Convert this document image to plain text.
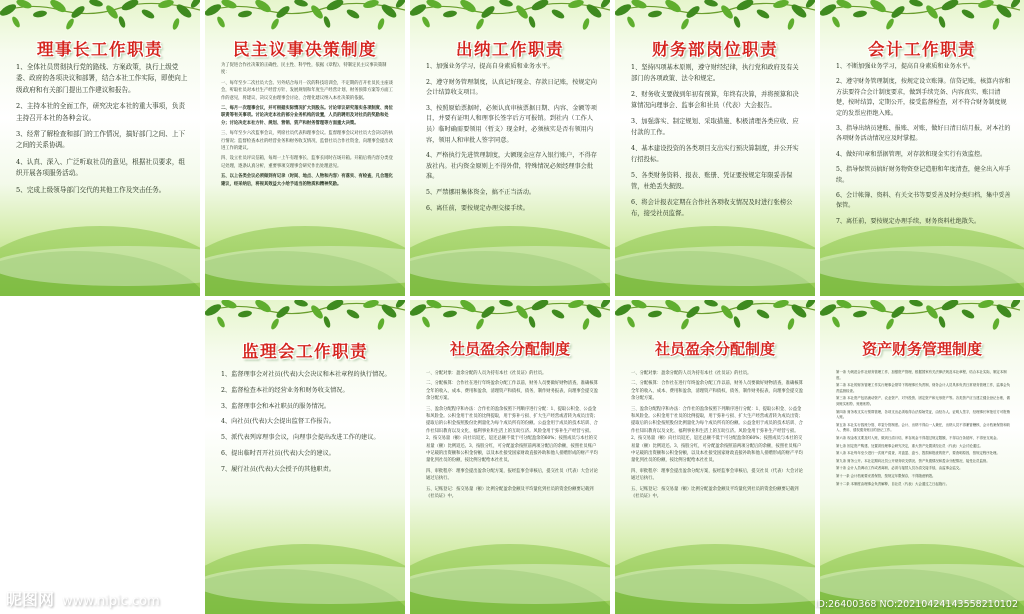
理事长工作职责

1、全体社员贯彻执行党的路线、方案政策，执行上级党委、政府的各项决议和部署，结合本社工作实际，即使向上级政府和有关部门提出工作建议和报告。

2、主持本社的全面工作，研究决定本社的重大事项，负责主持召开本社的各种会议。

3、经常了解检查和部门的工作情况，搞好部门之间、上下之间的关系协调。

4、认真、深入、广泛听取社员的意见，根据社员要求，组织开展各项服务活动。

5、完成上级领导部门交代的其他工作及突击任务。

民主议事决策制度

为了促进合作社决策的正确性、民主性、科学性，依据《章程》，特制定民主议事决策制度：

一、每年至少二次社员大会。另外结合每月一次的科技培训会，不定期的召开社员民主座谈会，听取社员对本社生产经营方针、发展规划和年度生产经营计划、财务预算方案等方面工作的意见，将建议、决议交由理事会讨论，合理化建议纳入本社决策的依据。

二、每月一次理事会议，并可根据实际情况扩大到股东。讨论审议研究落实各项制度、岗位职责等有关事项。讨论决定本社的部分业务机构的设置，人员的聘用及对社员的奖励和处分；讨论决定本社方针、规划、营销、资产和财务管理等方面重大决策。

三、每年至少六次监事会议，列席社员代表和理事会议。监督理事会议对社员大会决议的执行情况；监督检查本社的经营业务和财务收支情况，监督社员合作社资金，向理事会提出改进工作的建议。

四、设立社员评议信箱，每周一上午有理事长、监事长同时在场开箱。开箱后将内容分类登记处理，逐条认真分析，重要事项交理事会研究作出处理意见。

五、以上各类会议必须做到有记录（时间、地点、人物和内容）有落实、有检查，凡合理化建议，经采纳后，将视其效益大小给予适当的物质和精神奖励。

出纳工作职责

1、加强业务学习，提高自身素质和业务水平。

2、遵守财务管理制度，认真记好现金、存款日记账，按规定向会计结算收支项目。

3、按照原始票据时，必须认真审核票据日期、内容、金额等项目，并要有证明人和理事长签字后方可报销。到社内（工作人员）临时确需要领用（暂支）现金时，必须核实是否有领用内容，领用人和审批人签字同意。

4、严格执行先进管理制度，大额现金应存入银行账户，不得存放社内。社内资金原则上不得外借，特殊情况必须经理事会批准。

5、严禁挪用集体资金，搞不正当活动。

6、离任前，要按规定办理交接手续。

财务部岗位职责

1、坚持四项基本原则，遵守财经纪律，执行党和政府及有关部门的各项政策、法令和规定。

2、财务收支要做到年初有预算，年终有决算，并将预算和决算情况向理事会、监事会和社员（代表）大会报告。

3、加强落实、制定规划、采取措施、积极清理各类应收、应付款的工作。

4、基本建设投资的各类项目支出实行预决算制度，并公开实行招投标。

5、各类财务资料、报表、账册、凭证要按规定年限妥善保管，杜绝丢失损毁。

6、将会计报表定期在合作社各项收支情况及时进行张榜公布，接受社员监督。

会计工作职责

1、不断加强业务学习，提高自身素质和业务水平。

2、遵守财务管理制度，按规定设立账簿。信贷记账，核算内容和方法要符合会计制度要求，做到手续完备、内容真实、账目清楚，按时结算，定期公开，接受监督检查，对不符合财务制度规定的发票应拒绝入账。

3、指导出纳员建账、报账、对账，做好日清日结月报，对本社的各项财务活动情况应及时掌握。

4、做好印章和票据管理，对存款和现金实行有效监控。

5、指导保管员搞好财务物资登记造册和年度清查，健全出入库手续。

6、会计帐簿、资料、有关文书等要妥善及时分类归档，集中妥善保管。

7、离任前，要按规定办理手续，财务资料杜绝散失。

监理会工作职责

1、监督理事会对社员(代表)大会决议和本社章程的执行情况。

2、监督检查本社的经营业务和财务收支情况。

3、监督理事会和本社职员的服务情况。

4、向社员(代表)大会提出监督工作报告。

5、派代表列席理事会议，向理事会提出改进工作的建议。

6、提出临时召开社员(代表)大会的建议。

7、履行社员(代表)大会授予的其他职责。

社员盈余分配制度

一、分配对象：盈余分配的人员为持有本社《社员证》的社员。

二、分配核算：合作社在进行年终盈余分配工作以前，财务人员要做好财物清查，准确核算全年的收入、成本、费用和盈余，清理资产和债权、债务，制作财务报表，向理事会提交盈余分配方案。

三、盈余分配程序和办法：合作社的盈余按照下列顺序进行分配：1、提取公积金、公益金和风险金。公积金用于社员的比例提取，用于弥补亏损、扩大生产经营或者转为成员出资；提取后的公积金按照股份比例量化为每个成员所有的份额。公益金用于成员的技术培训、合作社知识教育以及文化、福利事业和生活上的互助互济。风险金用于弥补生产经营亏损。2、按交易量（额）向社员返还，返还总额不低于可分配盈余的60%；按照成员与本社的交易量（额）比例返还。3、按股分红，可分配盈余按照前两项分配后的余额，按照社员账户中记载的出资额和公积金份额，以及本社接受国家财政直接补助和他人捐赠形成的财产平均量化到社员的份额，按比例分配给本社社员。

四、审批程序：理事会提出盈余分配方案，报经监事会审核后，提交社员（代表）大会讨论通过后执行。

五、记账登记：按交易量（额）比例分配盈余金额及平均量化到社员的资金份额要记载到《社员证》中。

社员盈余分配制度

一、分配对象：盈余分配的人员为持有本社《社员证》的社员。

二、分配核算：合作社在进行年终盈余分配工作以前，财务人员要做好财物清查，准确核算全年的收入、成本、费用和盈余，清理资产和债权、债务，制作财务报表，向理事会提交盈余分配方案。

三、盈余分配程序和办法：合作社的盈余按照下列顺序进行分配：1、提取公积金、公益金和风险金。公积金用于社员的比例提取，用于弥补亏损、扩大生产经营或者转为成员出资；提取后的公积金按照股份比例量化为每个成员所有的份额。公益金用于成员的技术培训、合作社知识教育以及文化、福利事业和生活上的互助互济。风险金用于弥补生产经营亏损。2、按交易量（额）向社员返还，返还总额不低于可分配盈余的60%；按照成员与本社的交易量（额）比例返还。3、按股分红，可分配盈余按照前两项分配后的余额，按照社员账户中记载的出资额和公积金份额，以及本社接受国家财政直接补助和他人捐赠形成的财产平均量化到社员的份额，按比例分配给本社社员。

四、审批程序：理事会提出盈余分配方案，报经监事会审核后，提交社员（代表）大会讨论通过后执行。

五、记账登记：按交易量（额）比例分配盈余金额及平均量化到社员的资金份额要记载到《社员证》中。

资产财务管理制度

第一条 为规范合作社财务管理工作，加强资产管理，根据国家有关法律法规及本社章程，结合本社实际，制定本制度。

第二条 本社的财务管理工作实行理事会领导下的理事长负责制，财务会计人员具体负责日常财务管理工作，监事会负责监督检查。

第三条 本社资产包括流动资产、农业资产、对外投资、固定资产和无形资产等。各类资产应当建立健全登记台账，做到账实相符、账账相符。

第四条 财务收支实行预算管理，各项支出必须取得合法原始凭证，由经办人、证明人签字，经理事长审批后方可报销入账。

第五条 本社实行钱账分管、印鉴分管制度。会计、出纳不得由一人兼任，出纳人员不得兼管稽核、会计档案保管和收入、费用、债权债务账目的登记工作。

第六条 现金收支要及时入账，做到日清月结，库存现金不得超过规定限额，不得以白条抵库，不得坐支现金。

第七条 固定资产购建、处置须经理事会研究决定，重大资产处置须经社员（代表）大会讨论通过。

第八条 本社每年至少进行一次财产清查，对盘盈、盘亏、毁损和报废的资产，要查明原因，按规定程序处理。

第九条 财务公开。本社定期向社员公开财务收支情况、资产负债情况和盈余分配情况，接受社员监督。

第十条 会计人员调动工作或者离职，必须与接替人员办清交接手续，由监事会监交。

第十一条 会计档案要妥善保管，按规定年限保存，不得随意销毁。

第十二条 本制度由理事会负责解释，自社员（代表）大会通过之日起施行。

昵图网 www.nipic.com	ID:26400368 NO:20210424143558210102
